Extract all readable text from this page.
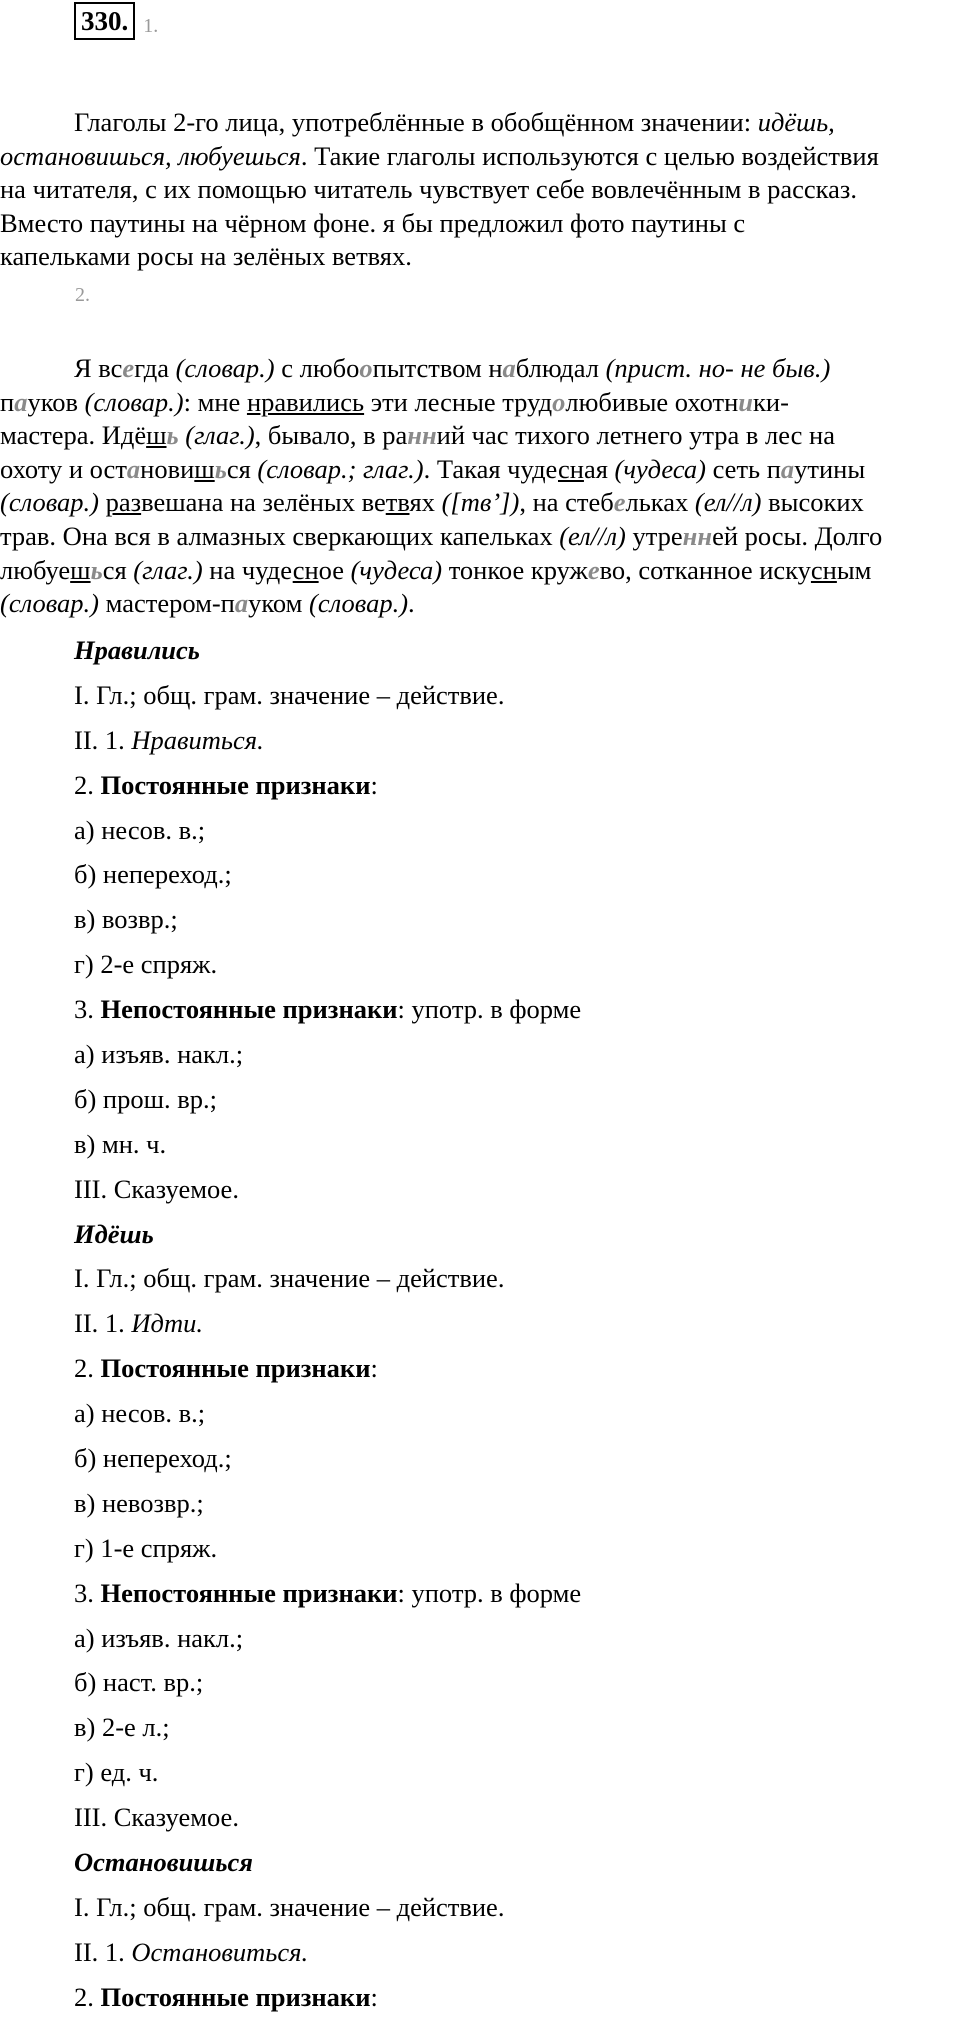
330. 1.
Глаголы 2-го лица, употреблённые в обобщённом значении: идёшь,
остановишься, любуешься. Такие глаголы используются с целью воздействия
на читателя, с их помощью читатель чувствует себе вовлечённым в рассказ.
Вместо паутины на чёрном фоне. я бы предложил фото паутины с
капельками росы на зелёных ветвях.
2.
Я всегда (словар.) с любоопытством наблюдал (прист. но- не быв.)
пауков (словар.): мне нравились эти лесные трудолюбивые охотники-
мастера. Идёшь (глаг.), бывало, в ранний час тихого летнего утра в лес на
охоту и остановишься (словар.; глаг.). Такая чудесная (чудеса) сеть паутины
(словар.) развешана на зелёных ветвях ([тв’]), на стебельках (ел//л) высоких
трав. Она вся в алмазных сверкающих капельках (ел//л) утренней росы. Долго
любуешься (глаг.) на чудесное (чудеса) тонкое кружево, сотканное искусным
(словар.) мастером-пауком (словар.).
Нравились
I. Гл.; общ. грам. значение – действие.
II. 1. Нравиться.
2. Постоянные признаки:
а) несов. в.;
б) непереход.;
в) возвр.;
г) 2-е спряж.
3. Непостоянные признаки: употр. в форме
а) изъяв. накл.;
б) прош. вр.;
в) мн. ч.
III. Сказуемое.
Идёшь
I. Гл.; общ. грам. значение – действие.
II. 1. Идти.
2. Постоянные признаки:
а) несов. в.;
б) непереход.;
в) невозвр.;
г) 1-е спряж.
3. Непостоянные признаки: употр. в форме
а) изъяв. накл.;
б) наст. вр.;
в) 2-е л.;
г) ед. ч.
III. Сказуемое.
Остановишься
I. Гл.; общ. грам. значение – действие.
II. 1. Остановиться.
2. Постоянные признаки:
